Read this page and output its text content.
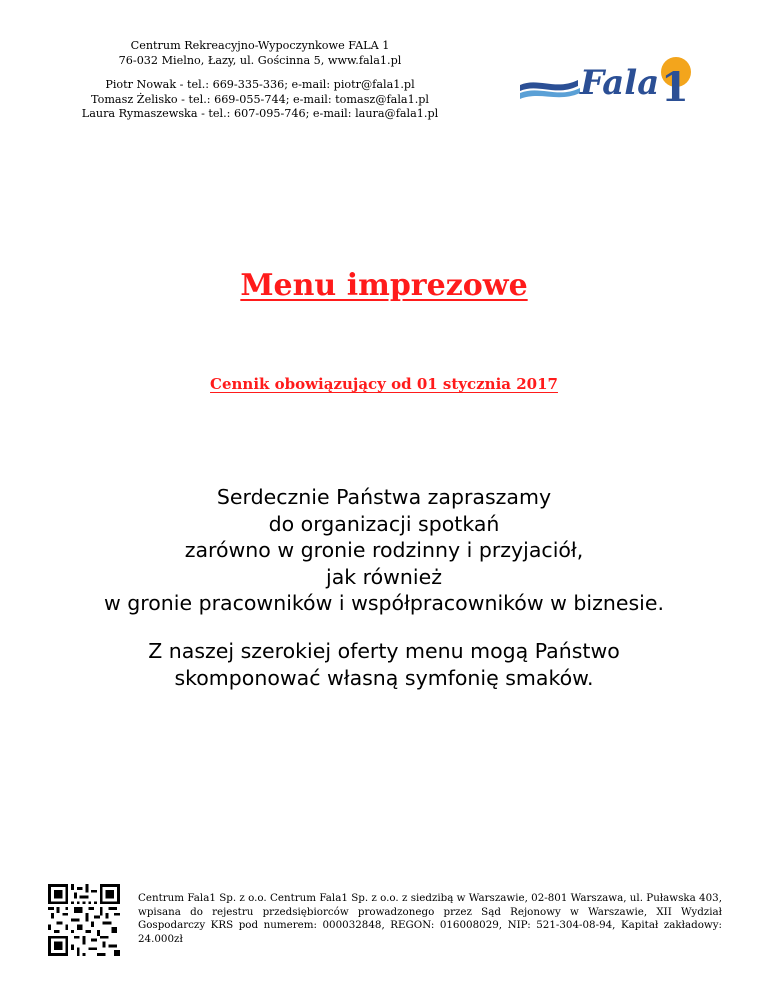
Centrum Rekreacyjno-Wypoczynkowe FALA 1
76-032 Mielno, Łazy, ul. Gościnna 5, www.fala1.pl
Piotr Nowak - tel.: 669-335-336; e-mail: piotr@fala1.pl
Tomasz Żelisko - tel.: 669-055-744; e-mail: tomasz@fala1.pl
Laura Rymaszewska - tel.: 607-095-746; e-mail: laura@fala1.pl
Fala 1
Menu imprezowe
Cennik obowiązujący od 01 stycznia 2017
Serdecznie Państwa zapraszamy
do organizacji spotkań
zarówno w gronie rodzinny i przyjaciół,
jak również
w gronie pracowników i współpracowników w biznesie.
Z naszej szerokiej oferty menu mogą Państwo
skomponować własną symfonię smaków.
Centrum Fala1 Sp. z o.o. Centrum Fala1 Sp. z o.o. z siedzibą w Warszawie, 02-801 Warszawa, ul. Puławska 403, wpisana do rejestru przedsiębiorców prowadzonego przez Sąd Rejonowy w Warszawie, XII Wydział Gospodarczy KRS pod numerem: 000032848, REGON: 016008029, NIP: 521-304-08-94, Kapitał zakładowy: 24.000zł
